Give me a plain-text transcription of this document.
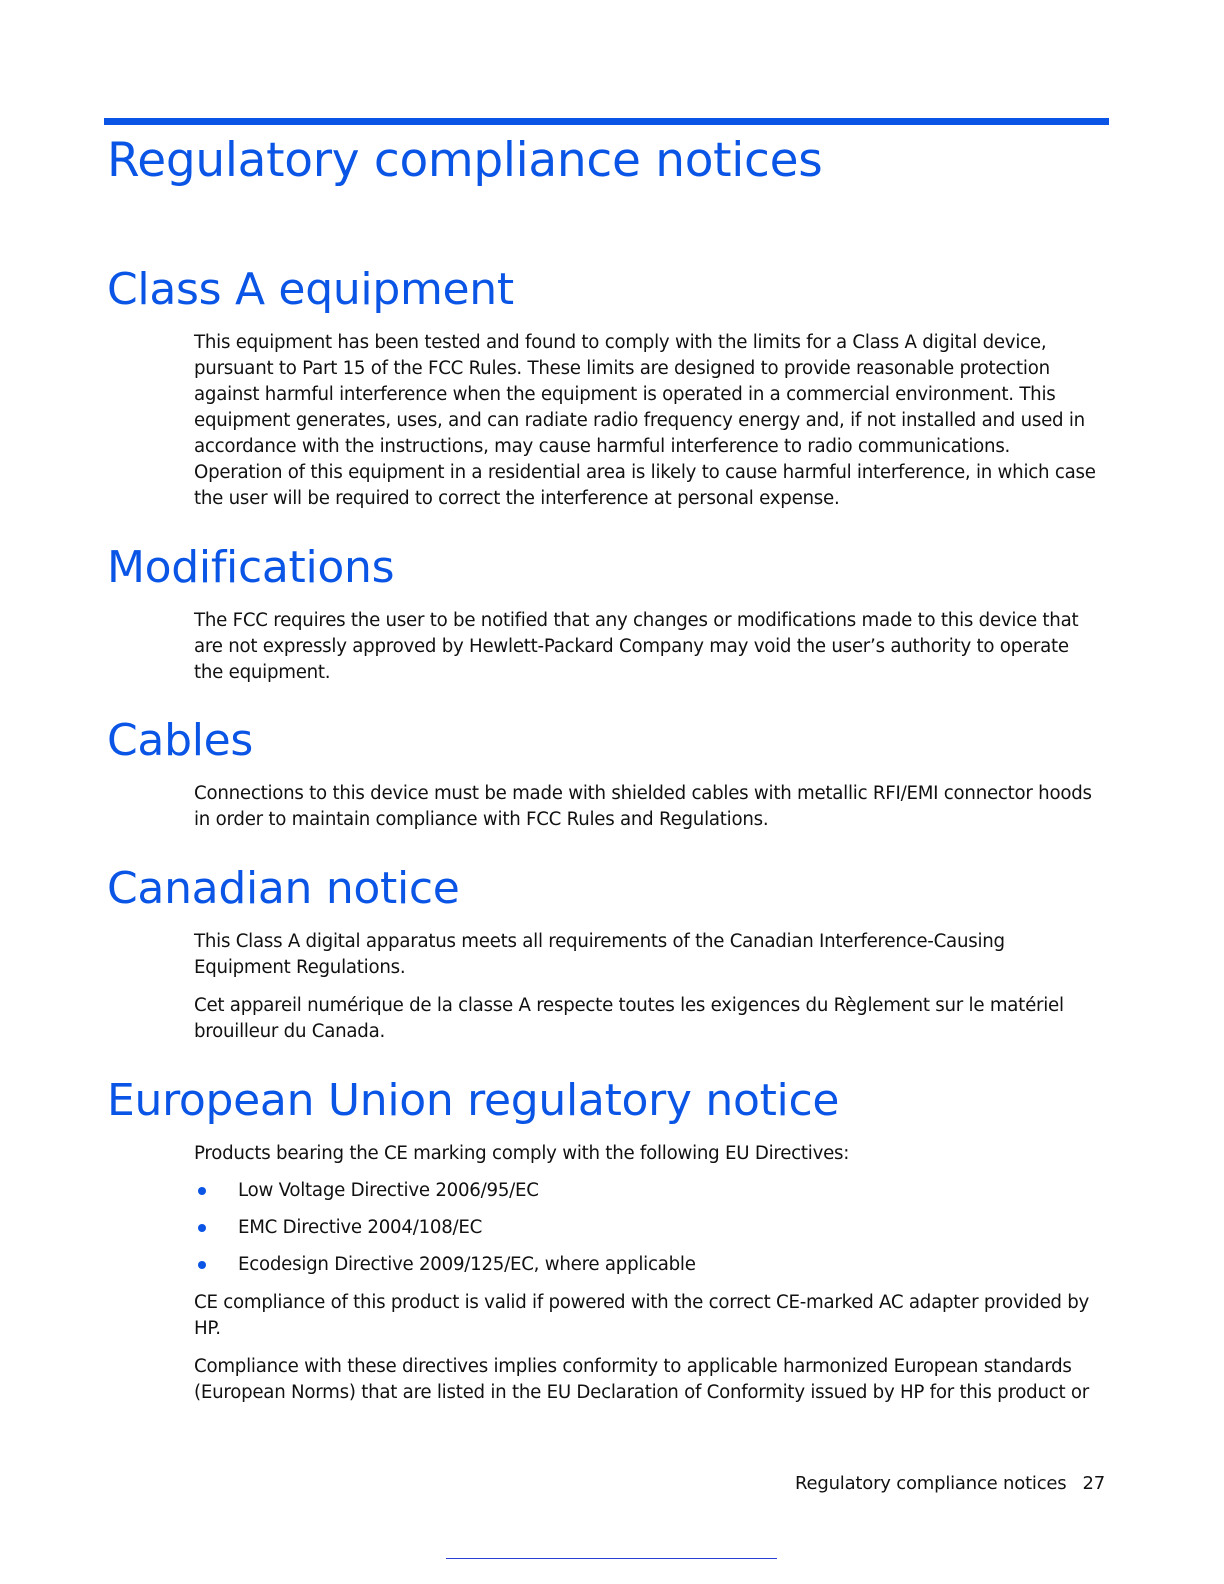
Regulatory compliance notices
Class A equipment

This equipment has been tested and found to comply with the limits for a Class A digital device, pursuant to Part 15 of the FCC Rules. These limits are designed to provide reasonable protection against harmful interference when the equipment is operated in a commercial environment. This equipment generates, uses, and can radiate radio frequency energy and, if not installed and used in accordance with the instructions, may cause harmful interference to radio communications. Operation of this equipment in a residential area is likely to cause harmful interference, in which case the user will be required to correct the interference at personal expense.

Modifications

The FCC requires the user to be notified that any changes or modifications made to this device that are not expressly approved by Hewlett-Packard Company may void the user’s authority to operate the equipment.

Cables

Connections to this device must be made with shielded cables with metallic RFI/EMI connector hoods in order to maintain compliance with FCC Rules and Regulations.

Canadian notice

This Class A digital apparatus meets all requirements of the Canadian Interference-Causing Equipment Regulations.

Cet appareil numérique de la classe A respecte toutes les exigences du Règlement sur le matériel brouilleur du Canada.

European Union regulatory notice

Products bearing the CE marking comply with the following EU Directives:

Low Voltage Directive 2006/95/EC
EMC Directive 2004/108/EC
Ecodesign Directive 2009/125/EC, where applicable

CE compliance of this product is valid if powered with the correct CE-marked AC adapter provided by HP.

Compliance with these directives implies conformity to applicable harmonized European standards (European Norms) that are listed in the EU Declaration of Conformity issued by HP for this product or

Regulatory compliance notices 27
